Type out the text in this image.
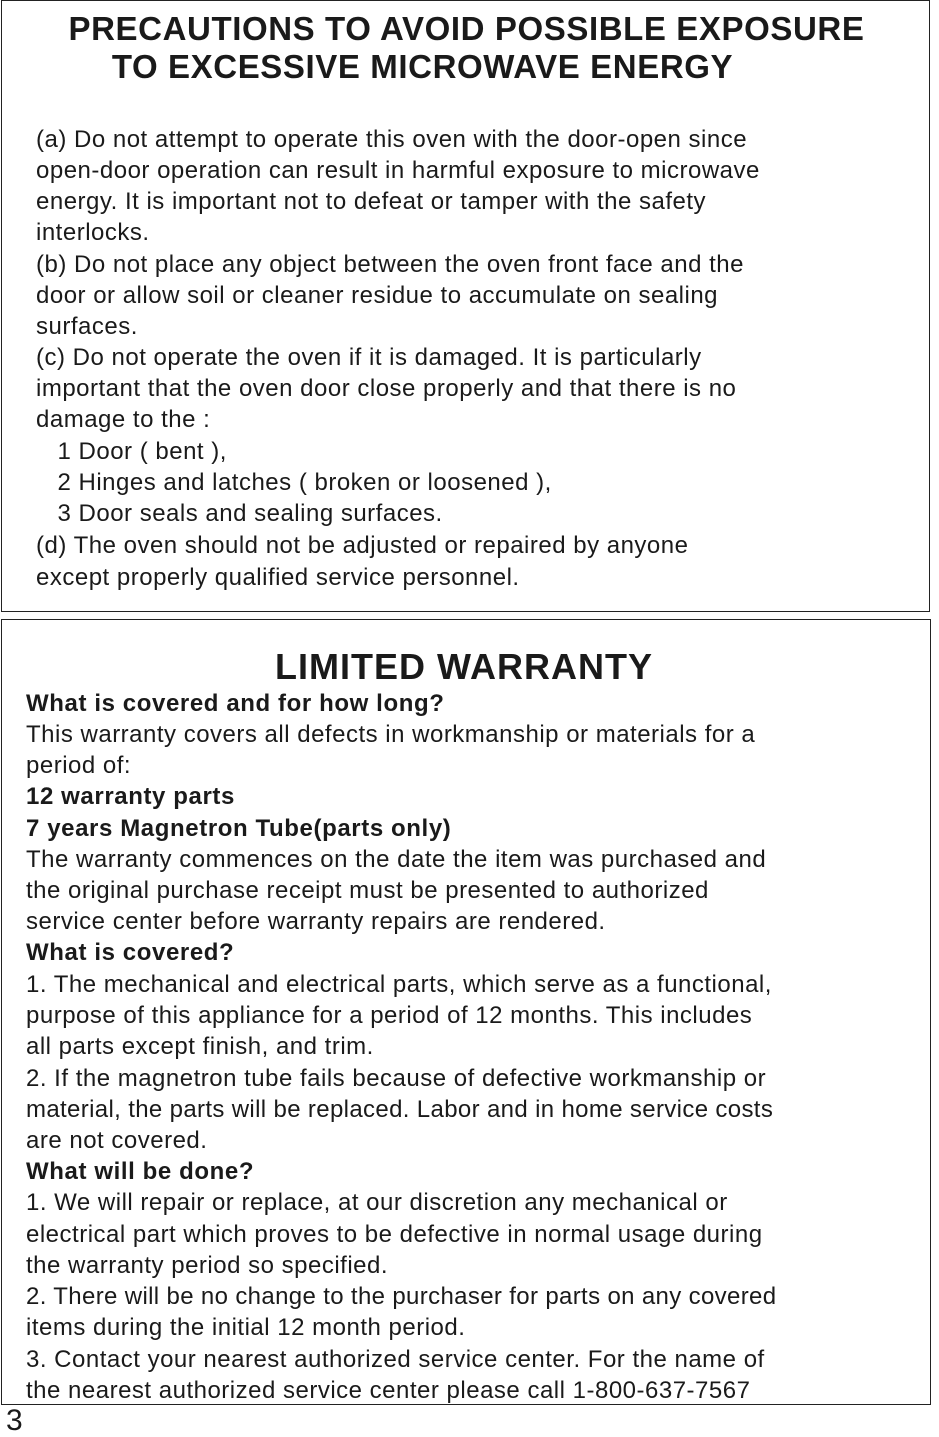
PRECAUTIONS TO AVOID POSSIBLE EXPOSURE
TO EXCESSIVE MICROWAVE ENERGY
(a) Do not attempt to operate this oven with the door-open since
open-door operation can result in harmful exposure to microwave
energy. It is important not to defeat or tamper with the safety
interlocks.
(b) Do not place any object between the oven front face and the
door or allow soil or cleaner residue to accumulate on sealing
surfaces.
(c) Do not operate the oven if it is damaged. It is particularly
important that the oven door close properly and that there is no
damage to the :
1 Door ( bent ),
2 Hinges and latches ( broken or loosened ),
3 Door seals and sealing surfaces.
(d) The oven should not be adjusted or repaired by anyone
except properly qualified service personnel.
LIMITED WARRANTY
What is covered and for how long?
This warranty covers all defects in workmanship or materials for a
period of:
12 warranty parts
7 years Magnetron Tube(parts only)
The warranty commences on the date the item was purchased and
the original purchase receipt must be presented to authorized
service center before warranty repairs are rendered.
What is covered?
1. The mechanical and electrical parts, which serve as a functional,
purpose of this appliance for a period of 12 months. This includes
all parts except finish, and trim.
2. If the magnetron tube fails because of defective workmanship or
material, the parts will be replaced. Labor and in home service costs
are not covered.
What will be done?
1. We will repair or replace, at our discretion any mechanical or
electrical part which proves to be defective in normal usage during
the warranty period so specified.
2. There will be no change to the purchaser for parts on any covered
items during the initial 12 month period.
3. Contact your nearest authorized service center. For the name of
the nearest authorized service center please call 1-800-637-7567
3
